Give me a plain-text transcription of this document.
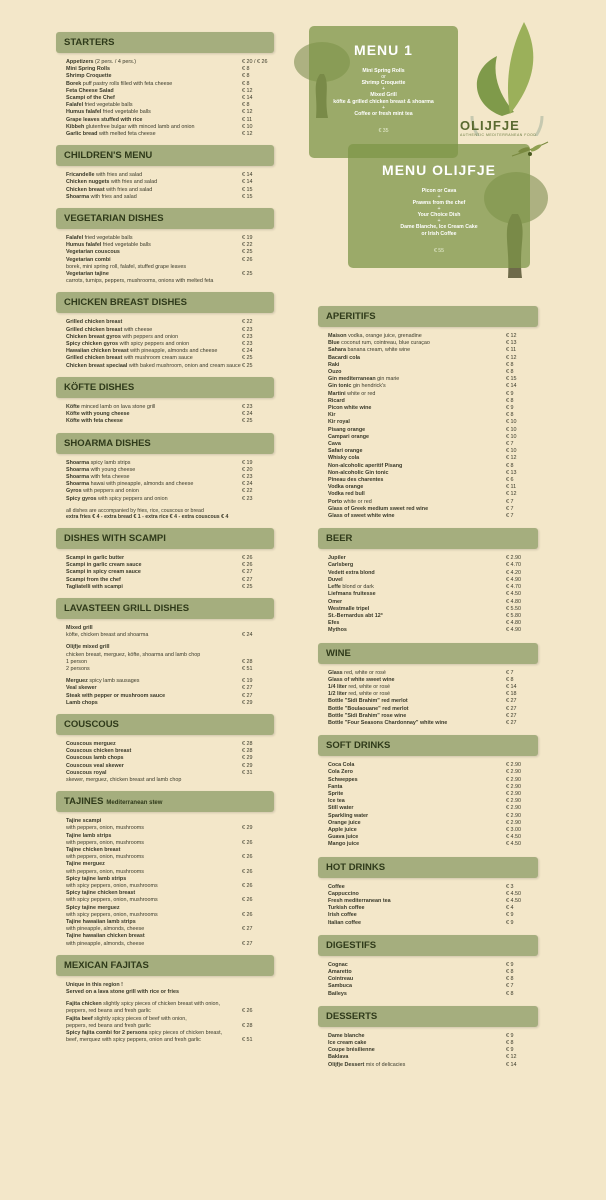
MENU 1
Mini Spring Rolls
or
Shrimp Croquette
+
Mixed Grill
köfte & grilled chicken breast & shoarma
+
Coffee or fresh mint tea
€ 35
MENU OLIJFJE
Picon or Cava
+
Prawns from the chef
+
Your Choice Dish
+
Dame Blanche, Ice Cream Cake
or Irish Coffee
€ 55
OLIJFJE
AUTHENTIC MEDITERRANEAN FOOD
STARTERS
Appetizers (2 pers. / 4 pers.)	€ 20 / € 26
Mini Spring Rolls	€ 8
Shrimp Croquette	€ 8
Borek puff pastry rolls filled with feta cheese	€ 8
Feta Cheese Salad	€ 12
Scampi of the Chef	€ 14
Falafel fried vegetable balls	€ 8
Humus falafel fried vegetable balls	€ 12
Grape leaves stuffed with rice	€ 11
Kibbeh glutenfree bulgar with minced lamb and onion	€ 10
Garlic bread with melted feta cheese	€ 12
CHILDREN'S MENU
Fricandelle with fries and salad	€ 14
Chicken nuggets with fries and salad	€ 14
Chicken breast with fries and salad	€ 15
Shoarma with fries and salad	€ 15
VEGETARIAN DISHES
Falafel fried vegetable balls	€ 19
Humus falafel fried vegetable balls	€ 22
Vegetarian couscous	€ 25
Vegetarian combi	€ 26
borek, mini spring roll, falafel, stuffed grape leaves
Vegetarian tajine	€ 25
carrots, turnips, peppers, mushrooms, onions with melted feta
CHICKEN BREAST DISHES
Grilled chicken breast	€ 22
Grilled chicken breast with cheese	€ 23
Chicken breast gyros with peppers and onion	€ 23
Spicy chicken gyros with spicy peppers and onion	€ 23
Hawaiian chicken breast with pineapple, almonds and cheese	€ 24
Grilled chicken breast with mushroom cream sauce	€ 25
Chicken breast speciaal with baked mushroom, onion and cream sauce € 25
KÖFTE DISHES
Köfte minced lamb on lava stone grill	€ 23
Köfte with young cheese	€ 24
Köfte with feta cheese	€ 25
SHOARMA DISHES
Shoarma spicy lamb strips	€ 19
Shoarma with young cheese	€ 20
Shoarma with feta cheese	€ 23
Shoarma hawai with pineapple, almonds and cheese	€ 24
Gyros with peppers and onion	€ 22
Spicy gyros with spicy peppers and onion	€ 23
all dishes are accompanied by fries, rice, couscous or bread
extra fries € 4 - extra bread € 1 - extra rice € 4 - extra couscous € 4
DISHES WITH SCAMPI
Scampi in garlic butter	€ 26
Scampi in garlic cream sauce	€ 26
Scampi in spicy cream sauce	€ 27
Scampi from the chef	€ 27
Tagliatelli with scampi	€ 25
LAVASTEEN GRILL DISHES
Mixed grill
köfte, chicken breast and shoarma	€ 24
Olijfje mixed grill
chicken breast, merguez, köfte, shoarma and lamb chop
1 person	€ 28
2 persons	€ 51
Merguez spicy lamb sausages	€ 19
Veal skewer	€ 27
Steak with pepper or mushroom sauce	€ 27
Lamb chops	€ 29
COUSCOUS
Couscous merguez	€ 28
Couscous chicken breast	€ 28
Couscous lamb chops	€ 29
Couscous veal skewer	€ 29
Couscous royal	€ 31
skewer, merguez, chicken breast and lamb chop
TAJINES Mediterranean stew
Tajine scampi
with peppers, onion, mushrooms	€ 29
Tajine lamb strips
with peppers, onion, mushrooms	€ 26
Tajine chicken breast
with peppers, onion, mushrooms	€ 26
Tajine merguez
with peppers, onion, mushrooms	€ 26
Spicy tajine lamb strips
with spicy peppers, onion, mushrooms	€ 26
Spicy tajine chicken breast
with spicy peppers, onion, mushrooms	€ 26
Spicy tajine merguez
with spicy peppers, onion, mushrooms	€ 26
Tajine hawaiian lamb strips
with pineapple, almonds, cheese	€ 27
Tajine hawaiian chicken breast
with pineapple, almonds, cheese	€ 27
MEXICAN FAJITAS
Unique in this region !
Served on a lava stone grill with rice or fries
Fajita chicken slightly spicy pieces of chicken breast with onion,
peppers, red beans and fresh garlic	€ 26
Fajita beef slightly spicy pieces of beef with onion,
peppers, red beans and fresh garlic	€ 28
Spicy fajita combi for 2 persons spicy pieces of chicken breast,
beef, merquez with spicy peppers, onion and fresh garlic	€ 51
APERITIFS
Maison vodka, orange juice, grenadine	€ 12
Blue coconut rum, cointreau, blue curaçao	€ 13
Sahara banana cream, white wine	€ 11
Bacardi cola	€ 12
Raki	€ 8
Ouzo	€ 8
Gin mediterranean gin marie	€ 15
Gin tonic gin hendrick's	€ 14
Martini white or red	€ 9
Ricard	€ 8
Picon white wine	€ 9
Kir	€ 8
Kir royal	€ 10
Pisang orange	€ 10
Campari orange	€ 10
Cava	€ 7
Safari orange	€ 10
Whisky cola	€ 12
Non-alcoholic aperitif Pisang	€ 8
Non-alcoholic Gin tonic	€ 13
Pineau des charentes	€ 6
Vodka orange	€ 11
Vodka red bull	€ 12
Porto white or red	€ 7
Glass of Greek medium sweet red wine	€ 7
Glass of sweet white wine	€ 7
BEER
Jupiler	€ 2.90
Carlsberg	€ 4.70
Vedett extra blond	€ 4.20
Duvel	€ 4.90
Leffe blond or dark	€ 4.70
Liefmans fruitesse	€ 4.50
Omer	€ 4.80
Westmalle tripel	€ 5.50
St.-Bernardus abt 12°	€ 5.80
Efes	€ 4.80
Mythos	€ 4.90
WINE
Glass red, white or rosé	€ 7
Glass of white sweet wine	€ 8
1/4 liter red, white or rosé	€ 14
1/2 liter red, white or rosé	€ 18
Bottle "Sidi Brahim" red merlot	€ 27
Bottle "Boulaouane" red merlot	€ 27
Bottle "Sidi Brahim" rose wine	€ 27
Bottle "Four Seasons Chardonnay" white wine	€ 27
SOFT DRINKS
Coca Cola	€ 2.90
Cola Zero	€ 2.90
Schweppes	€ 2.90
Fanta	€ 2.90
Sprite	€ 2.90
Ice tea	€ 2.90
Still water	€ 2.90
Sparkling water	€ 2.90
Orange juice	€ 2.90
Apple juice	€ 3.00
Guava juice	€ 4.50
Mango juice	€ 4.50
HOT DRINKS
Coffee	€ 3
Cappuccino	€ 4.50
Fresh mediterranean tea	€ 4.50
Turkish coffee	€ 4
Irish coffee	€ 9
Italian coffee	€ 9
DIGESTIFS
Cognac	€ 9
Amaretto	€ 8
Cointreau	€ 8
Sambuca	€ 7
Baileys	€ 8
DESSERTS
Dame blanche	€ 9
Ice cream cake	€ 8
Coupe brésilienne	€ 9
Baklava	€ 12
Olijfje Dessert mix of delicacies	€ 14
